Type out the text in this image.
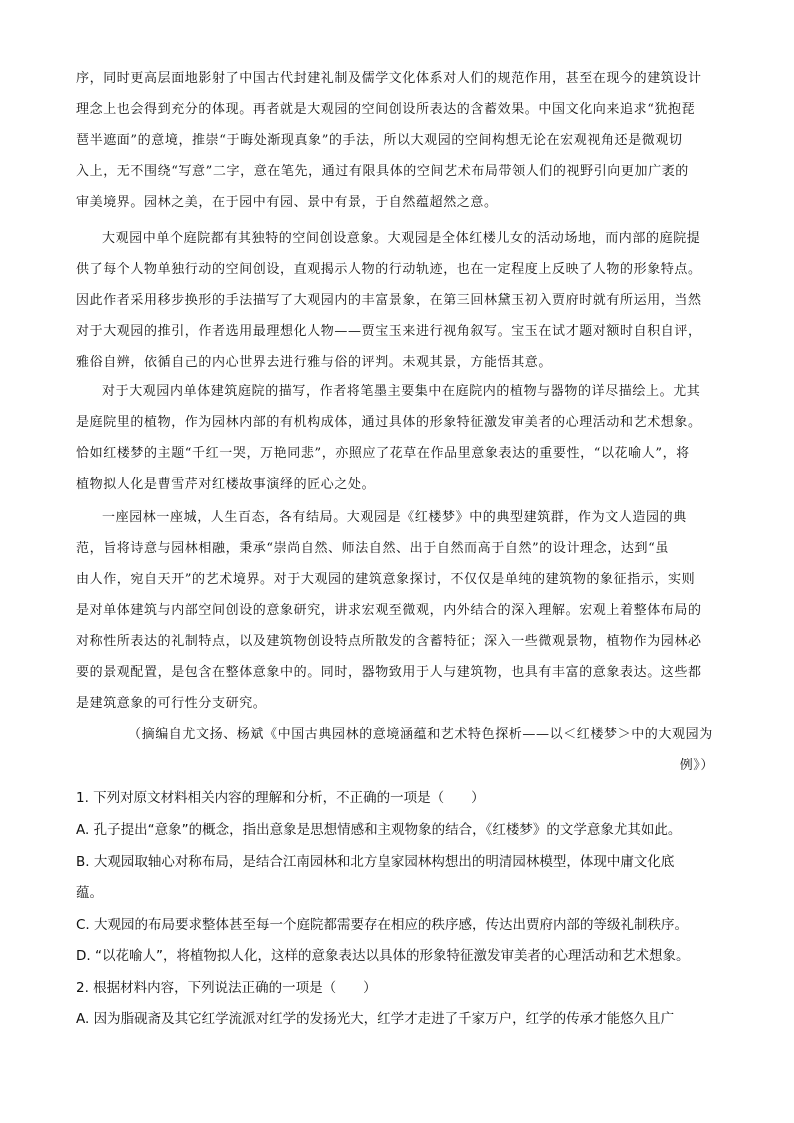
序，同时更高层面地影射了中国古代封建礼制及儒学文化体系对人们的规范作用，甚至在现今的建筑设计
理念上也会得到充分的体现。再者就是大观园的空间创设所表达的含蓄效果。中国文化向来追求“犹抱琵
琶半遮面”的意境，推崇“于晦处渐现真象”的手法，所以大观园的空间构想无论在宏观视角还是微观切
入上，无不围绕“写意”二字，意在笔先，通过有限具体的空间艺术布局带领人们的视野引向更加广袤的
审美境界。园林之美，在于园中有园、景中有景，于自然蕴超然之意。
大观园中单个庭院都有其独特的空间创设意象。大观园是全体红楼儿女的活动场地，而内部的庭院提
供了每个人物单独行动的空间创设，直观揭示人物的行动轨迹，也在一定程度上反映了人物的形象特点。
因此作者采用移步换形的手法描写了大观园内的丰富景象，在第三回林黛玉初入贾府时就有所运用，当然
对于大观园的推引，作者选用最理想化人物——贾宝玉来进行视角叙写。宝玉在试才题对额时自积自评，
雅俗自辨，依循自己的内心世界去进行雅与俗的评判。未观其景，方能悟其意。
对于大观园内单体建筑庭院的描写，作者将笔墨主要集中在庭院内的植物与器物的详尽描绘上。尤其
是庭院里的植物，作为园林内部的有机构成体，通过具体的形象特征激发审美者的心理活动和艺术想象。
恰如红楼梦的主题“千红一哭，万艳同悲”，亦照应了花草在作品里意象表达的重要性，“以花喻人”，将
植物拟人化是曹雪芹对红楼故事演绎的匠心之处。
一座园林一座城，人生百态，各有结局。大观园是《红楼梦》中的典型建筑群，作为文人造园的典
范，旨将诗意与园林相融，秉承“崇尚自然、师法自然、出于自然而高于自然”的设计理念，达到“虽
由人作，宛自天开”的艺术境界。对于大观园的建筑意象探讨，不仅仅是单纯的建筑物的象征指示，实则
是对单体建筑与内部空间创设的意象研究，讲求宏观至微观，内外结合的深入理解。宏观上着整体布局的
对称性所表达的礼制特点，以及建筑物创设特点所散发的含蓄特征；深入一些微观景物，植物作为园林必
要的景观配置，是包含在整体意象中的。同时，器物致用于人与建筑物，也具有丰富的意象表达。这些都
是建筑意象的可行性分支研究。
（摘编自尤文扬、杨斌《中国古典园林的意境涵蕴和艺术特色探析——以＜红楼梦＞中的大观园为
例》）
1. 下列对原文材料相关内容的理解和分析，不正确的一项是（　　）
A. 孔子提出“意象”的概念，指出意象是思想情感和主观物象的结合，《红楼梦》的文学意象尤其如此。
B. 大观园取轴心对称布局，是结合江南园林和北方皇家园林构想出的明清园林模型，体现中庸文化底
蕴。
C. 大观园的布局要求整体甚至每一个庭院都需要存在相应的秩序感，传达出贾府内部的等级礼制秩序。
D. “以花喻人”，将植物拟人化，这样的意象表达以具体的形象特征激发审美者的心理活动和艺术想象。
2. 根据材料内容，下列说法正确的一项是（　　）
A. 因为脂砚斋及其它红学流派对红学的发扬光大，红学才走进了千家万户，红学的传承才能悠久且广
